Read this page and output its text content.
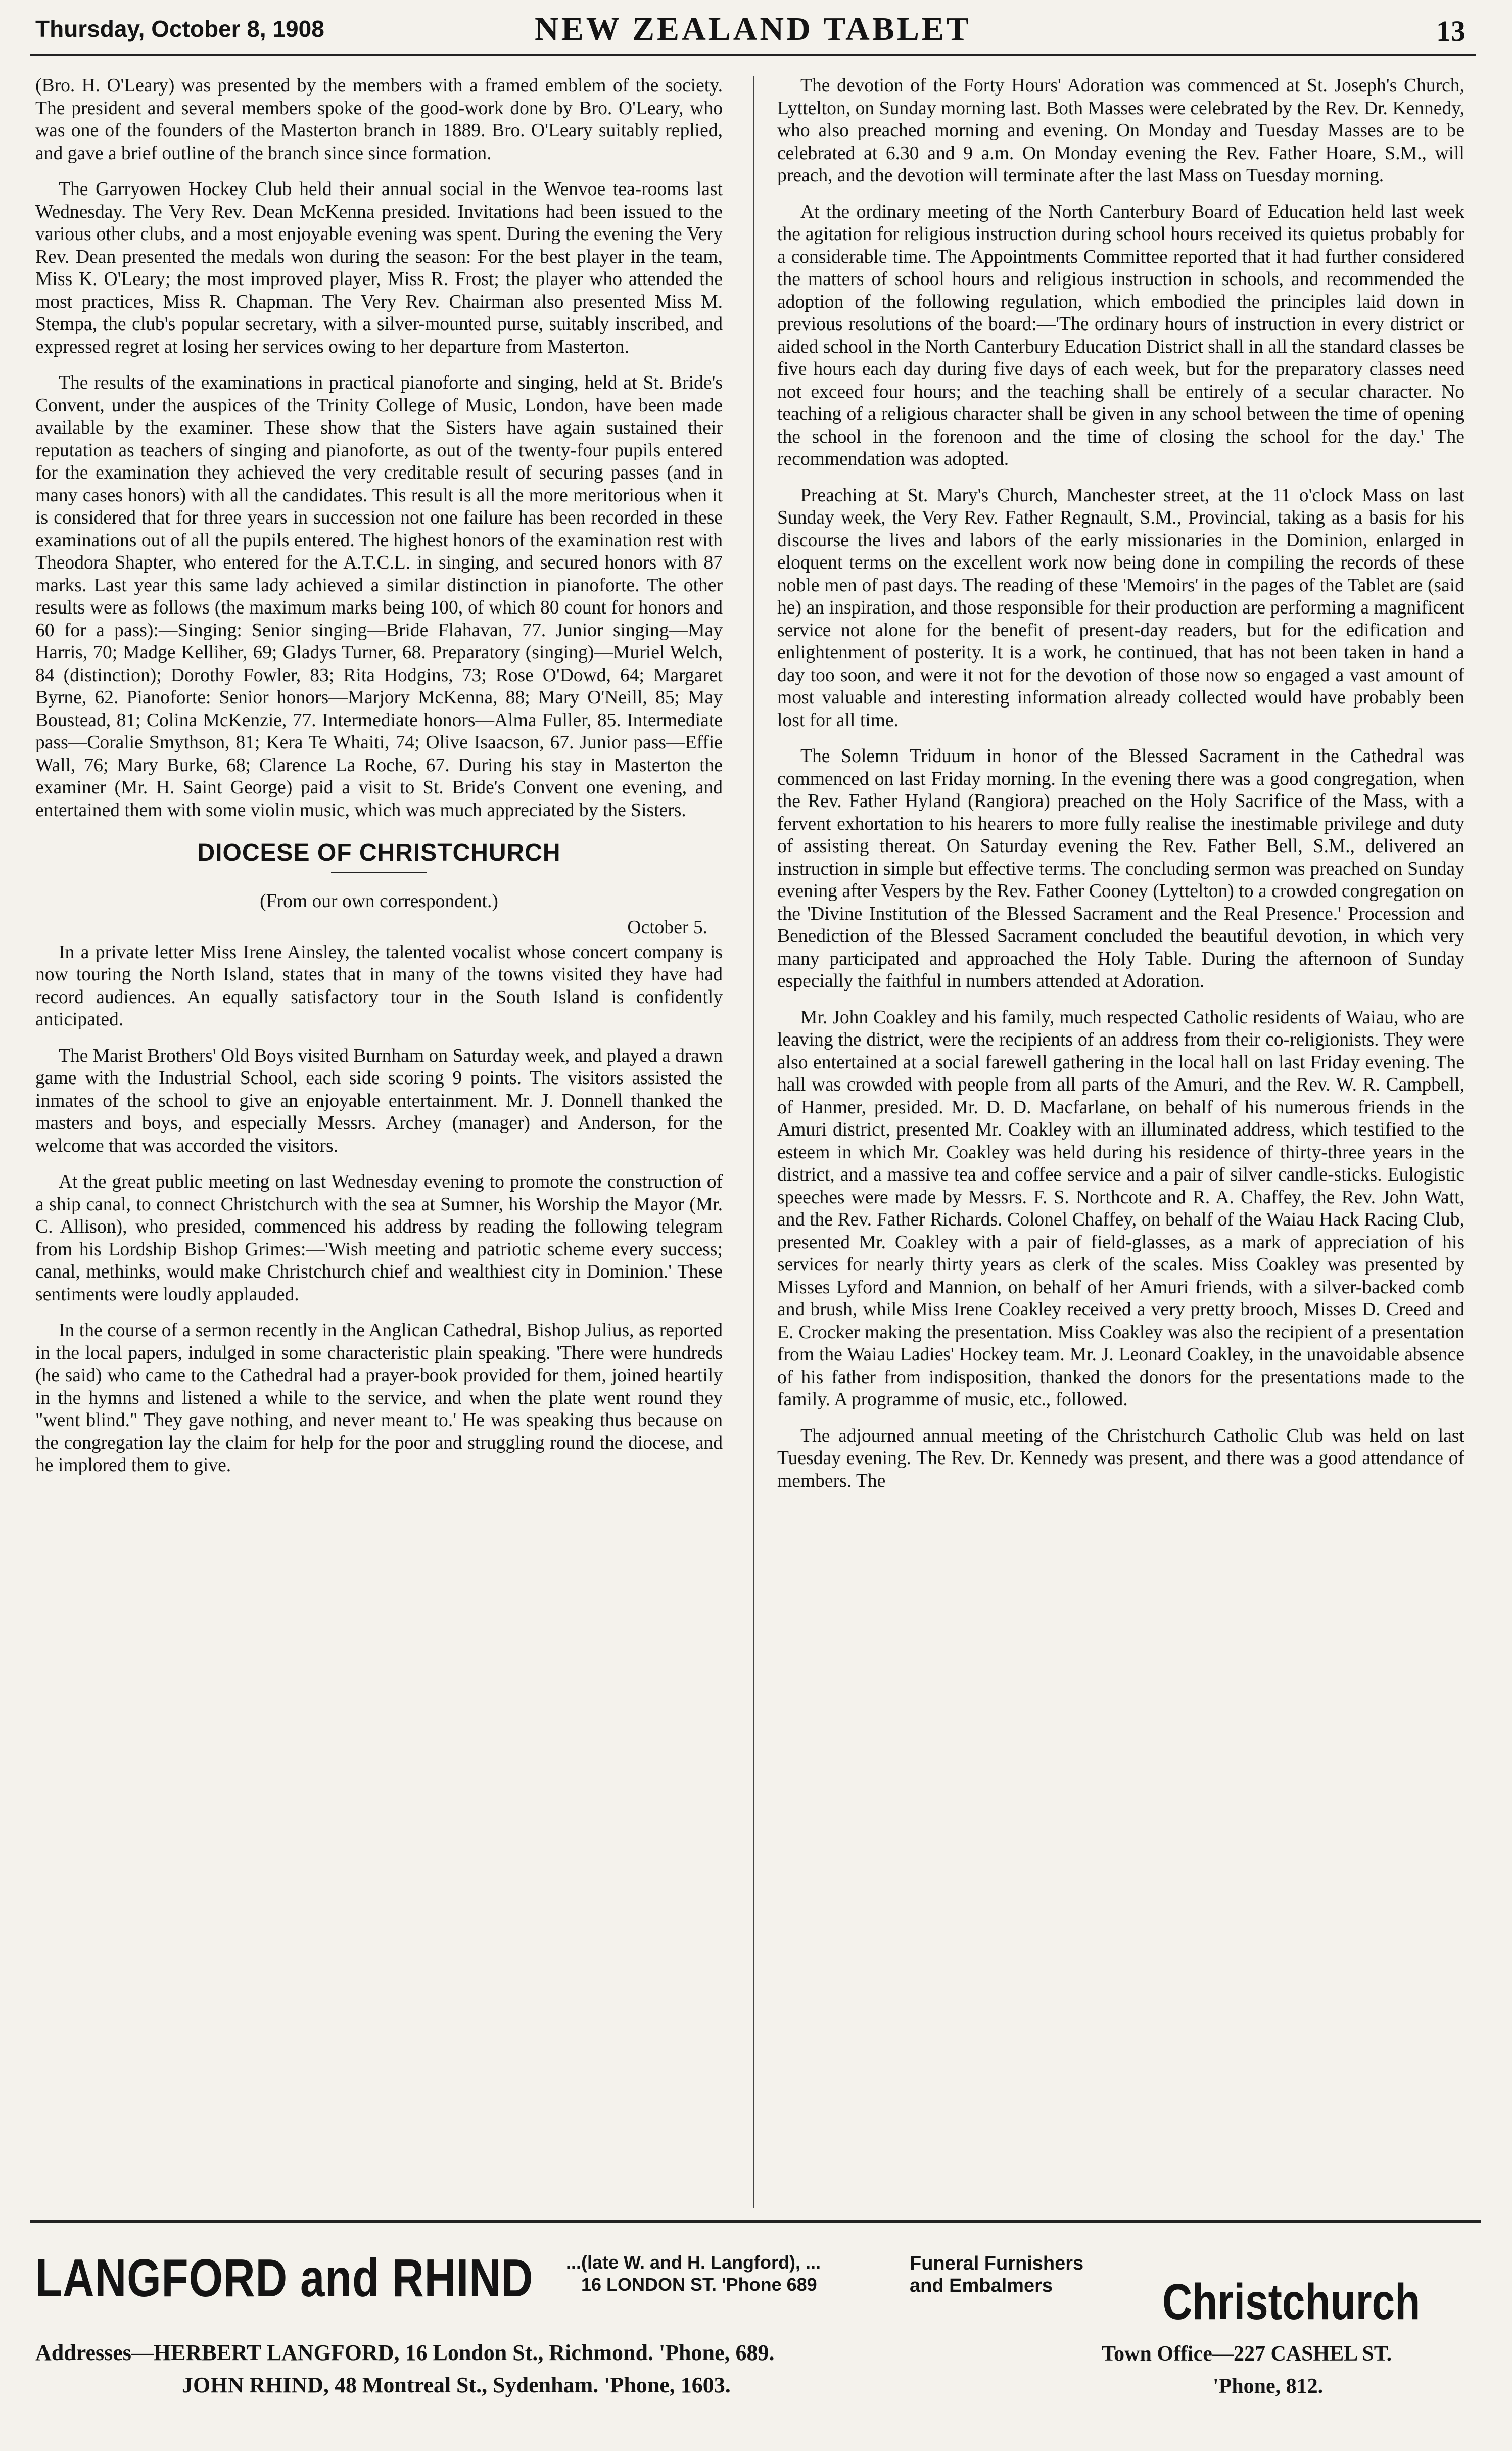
Thursday, October 8, 1908	NEW ZEALAND TABLET	13

(Bro. H. O'Leary) was presented by the members with a framed emblem of the society. The president and several members spoke of the good-work done by Bro. O'Leary, who was one of the founders of the Masterton branch in 1889. Bro. O'Leary suitably replied, and gave a brief outline of the branch since since formation.

The Garryowen Hockey Club held their annual social in the Wenvoe tea-rooms last Wednesday. The Very Rev. Dean McKenna presided. Invitations had been issued to the various other clubs, and a most enjoyable evening was spent. During the evening the Very Rev. Dean presented the medals won during the season: For the best player in the team, Miss K. O'Leary; the most improved player, Miss R. Frost; the player who attended the most practices, Miss R. Chapman. The Very Rev. Chairman also presented Miss M. Stempa, the club's popular secretary, with a silver-mounted purse, suitably inscribed, and expressed regret at losing her services owing to her departure from Masterton.

The results of the examinations in practical pianoforte and singing, held at St. Bride's Convent, under the auspices of the Trinity College of Music, London, have been made available by the examiner. These show that the Sisters have again sustained their reputation as teachers of singing and pianoforte, as out of the twenty-four pupils entered for the examination they achieved the very creditable result of securing passes (and in many cases honors) with all the candidates. This result is all the more meritorious when it is considered that for three years in succession not one failure has been recorded in these examinations out of all the pupils entered. The highest honors of the examination rest with Theodora Shapter, who entered for the A.T.C.L. in singing, and secured honors with 87 marks. Last year this same lady achieved a similar distinction in pianoforte. The other results were as follows (the maximum marks being 100, of which 80 count for honors and 60 for a pass):—Singing: Senior singing—Bride Flahavan, 77. Junior singing—May Harris, 70; Madge Kelliher, 69; Gladys Turner, 68. Preparatory (singing)—Muriel Welch, 84 (distinction); Dorothy Fowler, 83; Rita Hodgins, 73; Rose O'Dowd, 64; Margaret Byrne, 62. Pianoforte: Senior honors—Marjory McKenna, 88; Mary O'Neill, 85; May Boustead, 81; Colina McKenzie, 77. Intermediate honors—Alma Fuller, 85. Intermediate pass—Coralie Smythson, 81; Kera Te Whaiti, 74; Olive Isaacson, 67. Junior pass—Effie Wall, 76; Mary Burke, 68; Clarence La Roche, 67. During his stay in Masterton the examiner (Mr. H. Saint George) paid a visit to St. Bride's Convent one evening, and entertained them with some violin music, which was much appreciated by the Sisters.

DIOCESE OF CHRISTCHURCH

(From our own correspondent.)

October 5.

In a private letter Miss Irene Ainsley, the talented vocalist whose concert company is now touring the North Island, states that in many of the towns visited they have had record audiences. An equally satisfactory tour in the South Island is confidently anticipated.

The Marist Brothers' Old Boys visited Burnham on Saturday week, and played a drawn game with the Industrial School, each side scoring 9 points. The visitors assisted the inmates of the school to give an enjoyable entertainment. Mr. J. Donnell thanked the masters and boys, and especially Messrs. Archey (manager) and Anderson, for the welcome that was accorded the visitors.

At the great public meeting on last Wednesday evening to promote the construction of a ship canal, to connect Christchurch with the sea at Sumner, his Worship the Mayor (Mr. C. Allison), who presided, commenced his address by reading the following telegram from his Lordship Bishop Grimes:—'Wish meeting and patriotic scheme every success; canal, methinks, would make Christchurch chief and wealthiest city in Dominion.' These sentiments were loudly applauded.

In the course of a sermon recently in the Anglican Cathedral, Bishop Julius, as reported in the local papers, indulged in some characteristic plain speaking. 'There were hundreds (he said) who came to the Cathedral had a prayer-book provided for them, joined heartily in the hymns and listened a while to the service, and when the plate went round they "went blind." They gave nothing, and never meant to.' He was speaking thus because on the congregation lay the claim for help for the poor and struggling round the diocese, and he implored them to give.

The devotion of the Forty Hours' Adoration was commenced at St. Joseph's Church, Lyttelton, on Sunday morning last. Both Masses were celebrated by the Rev. Dr. Kennedy, who also preached morning and evening. On Monday and Tuesday Masses are to be celebrated at 6.30 and 9 a.m. On Monday evening the Rev. Father Hoare, S.M., will preach, and the devotion will terminate after the last Mass on Tuesday morning.

At the ordinary meeting of the North Canterbury Board of Education held last week the agitation for religious instruction during school hours received its quietus probably for a considerable time. The Appointments Committee reported that it had further considered the matters of school hours and religious instruction in schools, and recommended the adoption of the following regulation, which embodied the principles laid down in previous resolutions of the board:—'The ordinary hours of instruction in every district or aided school in the North Canterbury Education District shall in all the standard classes be five hours each day during five days of each week, but for the preparatory classes need not exceed four hours; and the teaching shall be entirely of a secular character. No teaching of a religious character shall be given in any school between the time of opening the school in the forenoon and the time of closing the school for the day.' The recommendation was adopted.

Preaching at St. Mary's Church, Manchester street, at the 11 o'clock Mass on last Sunday week, the Very Rev. Father Regnault, S.M., Provincial, taking as a basis for his discourse the lives and labors of the early missionaries in the Dominion, enlarged in eloquent terms on the excellent work now being done in compiling the records of these noble men of past days. The reading of these 'Memoirs' in the pages of the Tablet are (said he) an inspiration, and those responsible for their production are performing a magnificent service not alone for the benefit of present-day readers, but for the edification and enlightenment of posterity. It is a work, he continued, that has not been taken in hand a day too soon, and were it not for the devotion of those now so engaged a vast amount of most valuable and interesting information already collected would have probably been lost for all time.

The Solemn Triduum in honor of the Blessed Sacrament in the Cathedral was commenced on last Friday morning. In the evening there was a good congregation, when the Rev. Father Hyland (Rangiora) preached on the Holy Sacrifice of the Mass, with a fervent exhortation to his hearers to more fully realise the inestimable privilege and duty of assisting thereat. On Saturday evening the Rev. Father Bell, S.M., delivered an instruction in simple but effective terms. The concluding sermon was preached on Sunday evening after Vespers by the Rev. Father Cooney (Lyttelton) to a crowded congregation on the 'Divine Institution of the Blessed Sacrament and the Real Presence.' Procession and Benediction of the Blessed Sacrament concluded the beautiful devotion, in which very many participated and approached the Holy Table. During the afternoon of Sunday especially the faithful in numbers attended at Adoration.

Mr. John Coakley and his family, much respected Catholic residents of Waiau, who are leaving the district, were the recipients of an address from their co-religionists. They were also entertained at a social farewell gathering in the local hall on last Friday evening. The hall was crowded with people from all parts of the Amuri, and the Rev. W. R. Campbell, of Hanmer, presided. Mr. D. D. Macfarlane, on behalf of his numerous friends in the Amuri district, presented Mr. Coakley with an illuminated address, which testified to the esteem in which Mr. Coakley was held during his residence of thirty-three years in the district, and a massive tea and coffee service and a pair of silver candle-sticks. Eulogistic speeches were made by Messrs. F. S. Northcote and R. A. Chaffey, the Rev. John Watt, and the Rev. Father Richards. Colonel Chaffey, on behalf of the Waiau Hack Racing Club, presented Mr. Coakley with a pair of field-glasses, as a mark of appreciation of his services for nearly thirty years as clerk of the scales. Miss Coakley was presented by Misses Lyford and Mannion, on behalf of her Amuri friends, with a silver-backed comb and brush, while Miss Irene Coakley received a very pretty brooch, Misses D. Creed and E. Crocker making the presentation. Miss Coakley was also the recipient of a presentation from the Waiau Ladies' Hockey team. Mr. J. Leonard Coakley, in the unavoidable absence of his father from indisposition, thanked the donors for the presentations made to the family. A programme of music, etc., followed.

The adjourned annual meeting of the Christchurch Catholic Club was held on last Tuesday evening. The Rev. Dr. Kennedy was present, and there was a good attendance of members. The

LANGFORD and RHIND ...(late W. and H. Langford), ...
16 LONDON ST. 'Phone 689
Funeral Furnishers
and Embalmers Christchurch
Addresses—HERBERT LANGFORD, 16 London St., Richmond. 'Phone, 689.
JOHN RHIND, 48 Montreal St., Sydenham. 'Phone, 1603.
Town Office—227 CASHEL ST.
'Phone, 812.
